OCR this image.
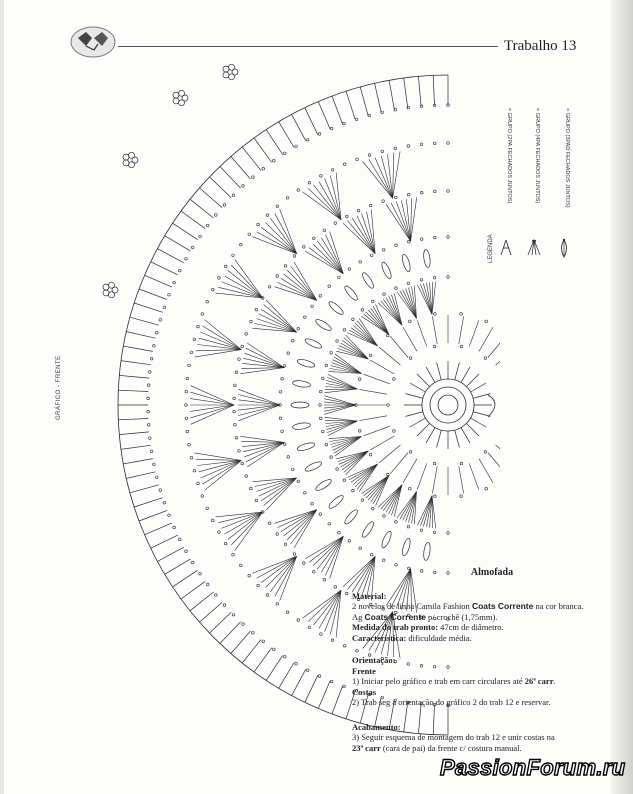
Trabalho 13
GRÁFICO - FRENTE
LEGENDA
= GRUPO (2PA FECHADOS JUNTOS)	= GRUPO (4PA FECHADOS JUNTOS)	= GRUPO (3PAD FECHADOS JUNTOS)
Almofada
Material:
2 novelos de linha Camila Fashion Coats Corrente na cor branca.
Ag Coats Corrente p/ crochê (1,75mm).
Medida do trab pronto: 47cm de diâmetro.
Característica: dificuldade média.
Orientação:
Frente
1) Iniciar pelo gráfico e trab em carr circulares até 26ª carr.
Costas
2) Trab seg a orientação do gráfico 2 do trab 12 e reservar.
Acabamento:
3) Seguir esquema de montagem do trab 12 e unir costas na
23ª carr (cara de pai) da frente c/ costura manual.
PassionForum.ru
